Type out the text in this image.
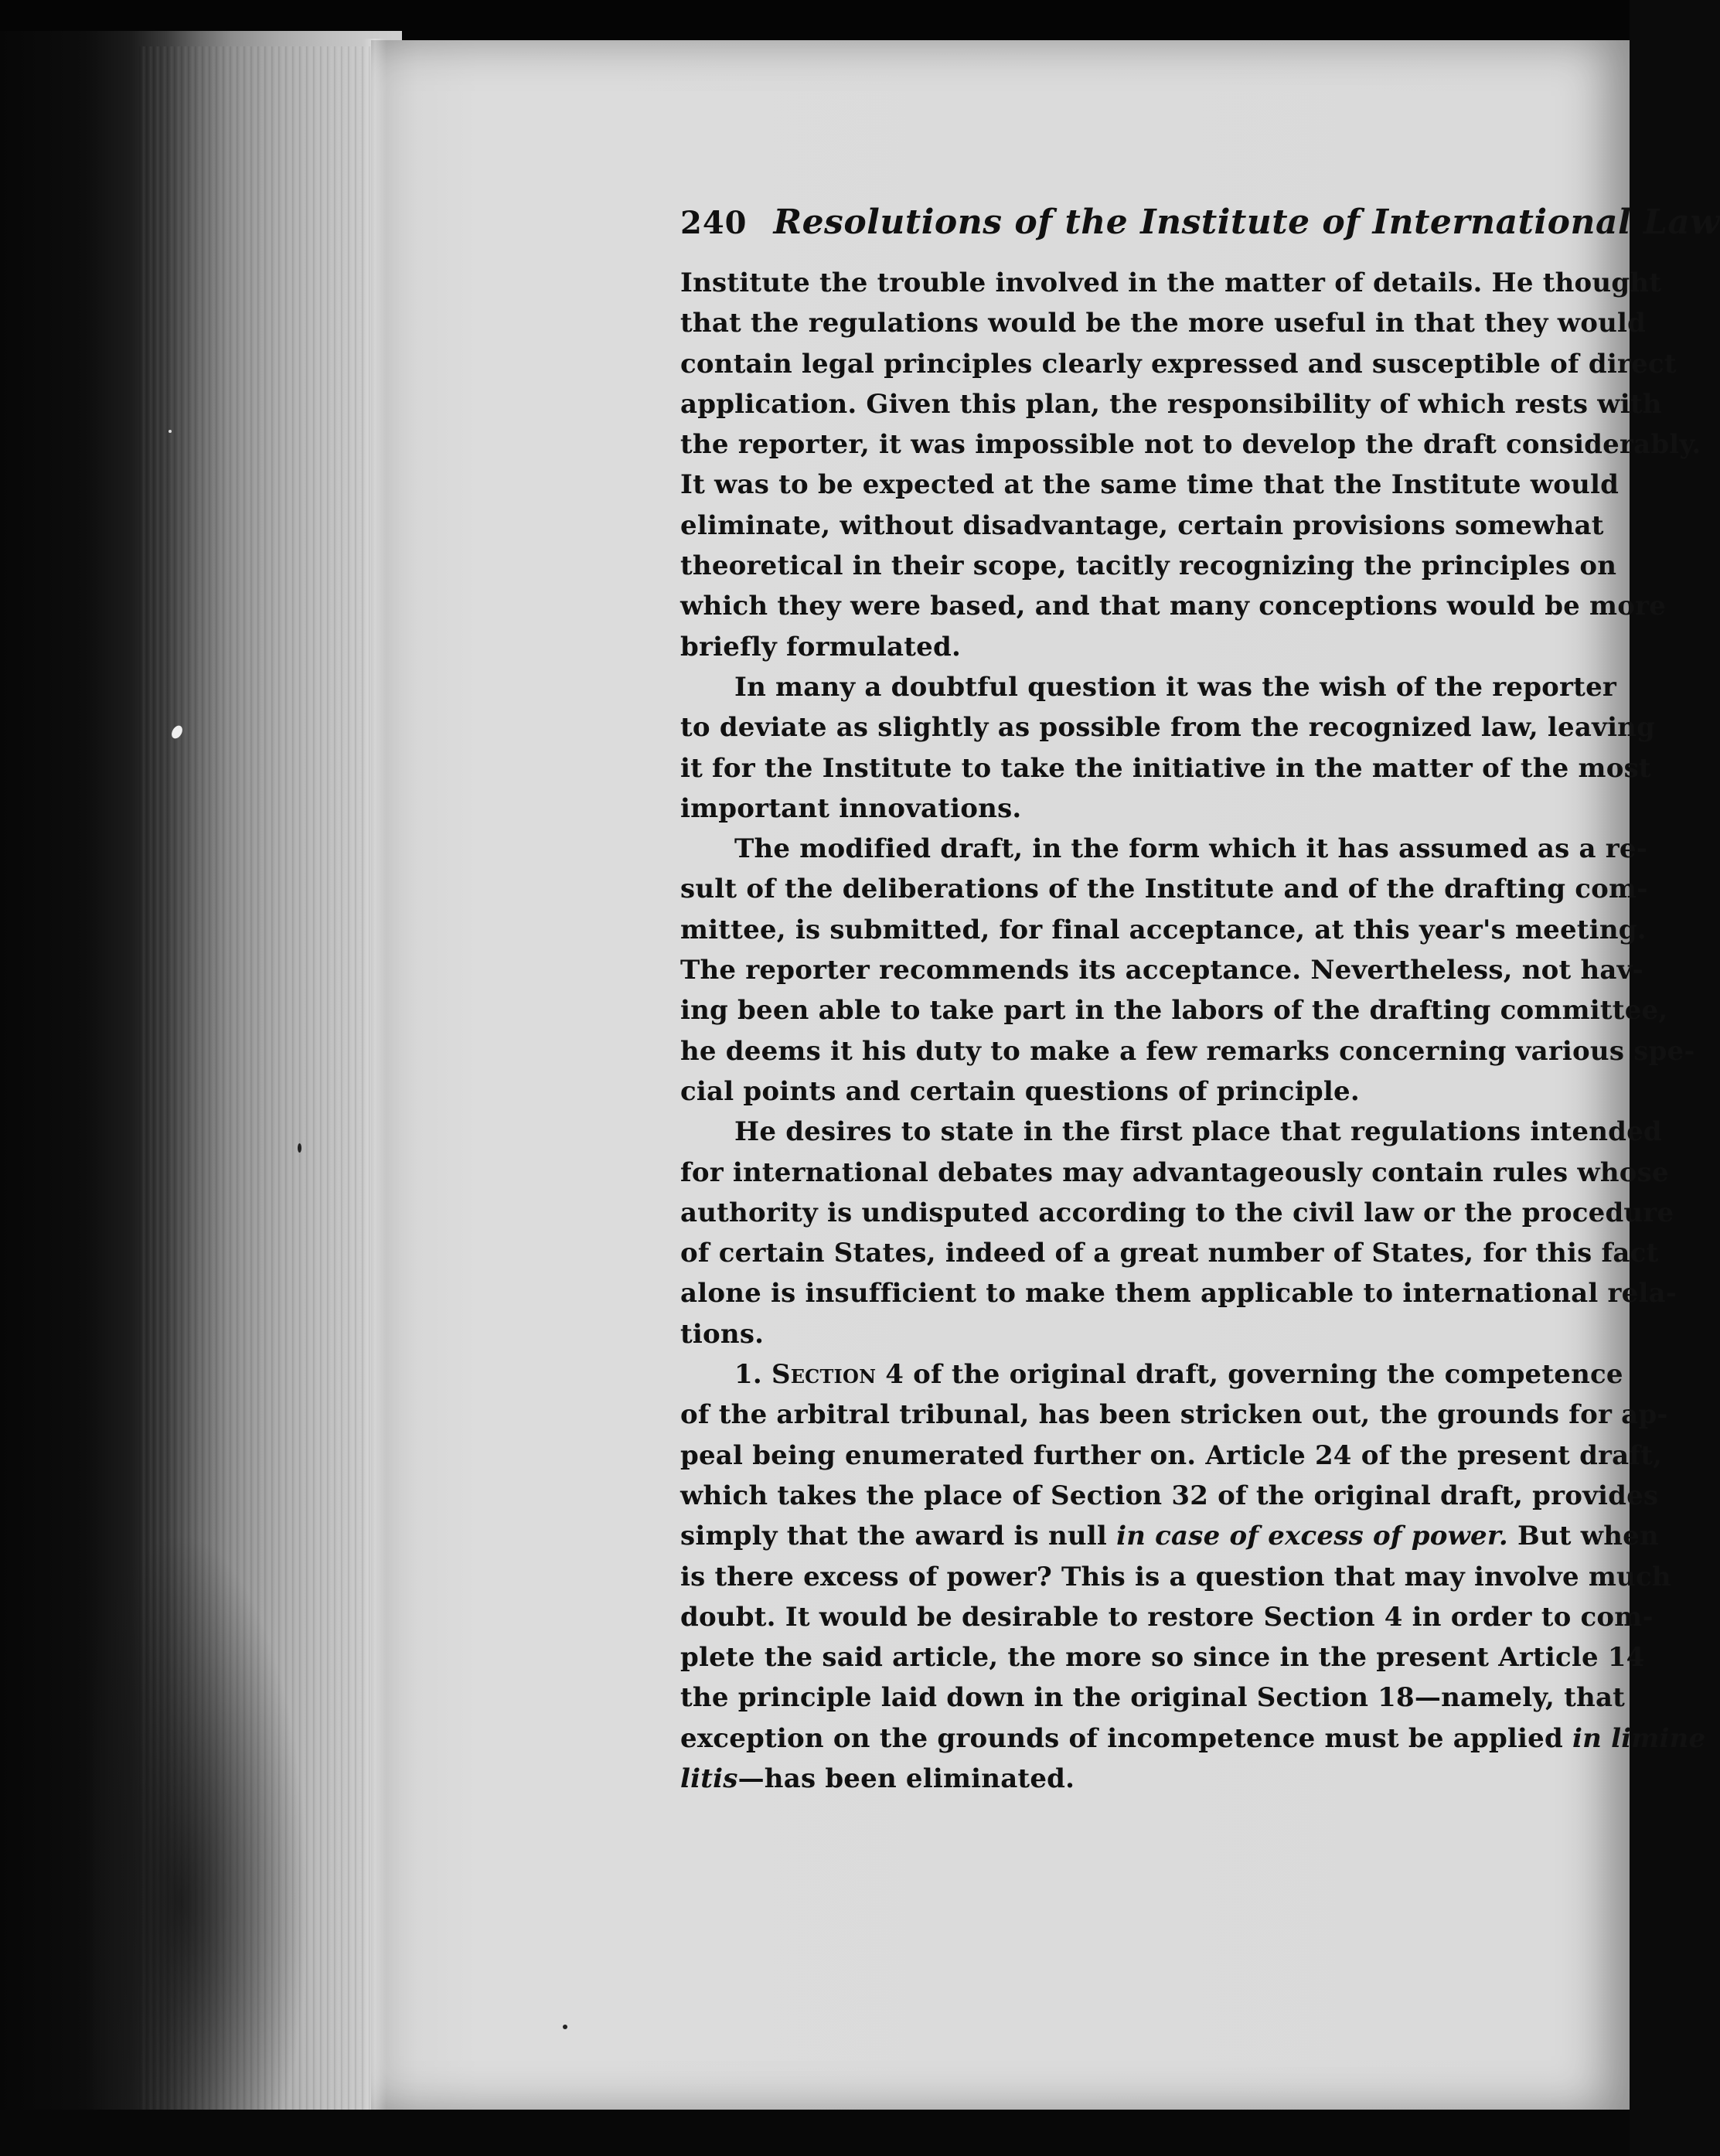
240 Resolutions of the Institute of International Law

Institute the trouble involved in the matter of details. He thought
that the regulations would be the more useful in that they would
contain legal principles clearly expressed and susceptible of direct
application. Given this plan, the responsibility of which rests with
the reporter, it was impossible not to develop the draft considerably.
It was to be expected at the same time that the Institute would
eliminate, without disadvantage, certain provisions somewhat
theoretical in their scope, tacitly recognizing the principles on
which they were based, and that many conceptions would be more
briefly formulated.

In many a doubtful question it was the wish of the reporter
to deviate as slightly as possible from the recognized law, leaving
it for the Institute to take the initiative in the matter of the most
important innovations.

The modified draft, in the form which it has assumed as a re-
sult of the deliberations of the Institute and of the drafting com-
mittee, is submitted, for final acceptance, at this year's meeting.
The reporter recommends its acceptance. Nevertheless, not hav-
ing been able to take part in the labors of the drafting committee,
he deems it his duty to make a few remarks concerning various spe-
cial points and certain questions of principle.

He desires to state in the first place that regulations intended
for international debates may advantageously contain rules whose
authority is undisputed according to the civil law or the procedure
of certain States, indeed of a great number of States, for this fact
alone is insufficient to make them applicable to international rela-
tions.

1. Section 4 of the original draft, governing the competence
of the arbitral tribunal, has been stricken out, the grounds for ap-
peal being enumerated further on. Article 24 of the present draft,
which takes the place of Section 32 of the original draft, provides
simply that the award is null in case of excess of power. But when
is there excess of power? This is a question that may involve much
doubt. It would be desirable to restore Section 4 in order to com-
plete the said article, the more so since in the present Article 14
the principle laid down in the original Section 18—namely, that
exception on the grounds of incompetence must be applied in limine
litis—has been eliminated.
